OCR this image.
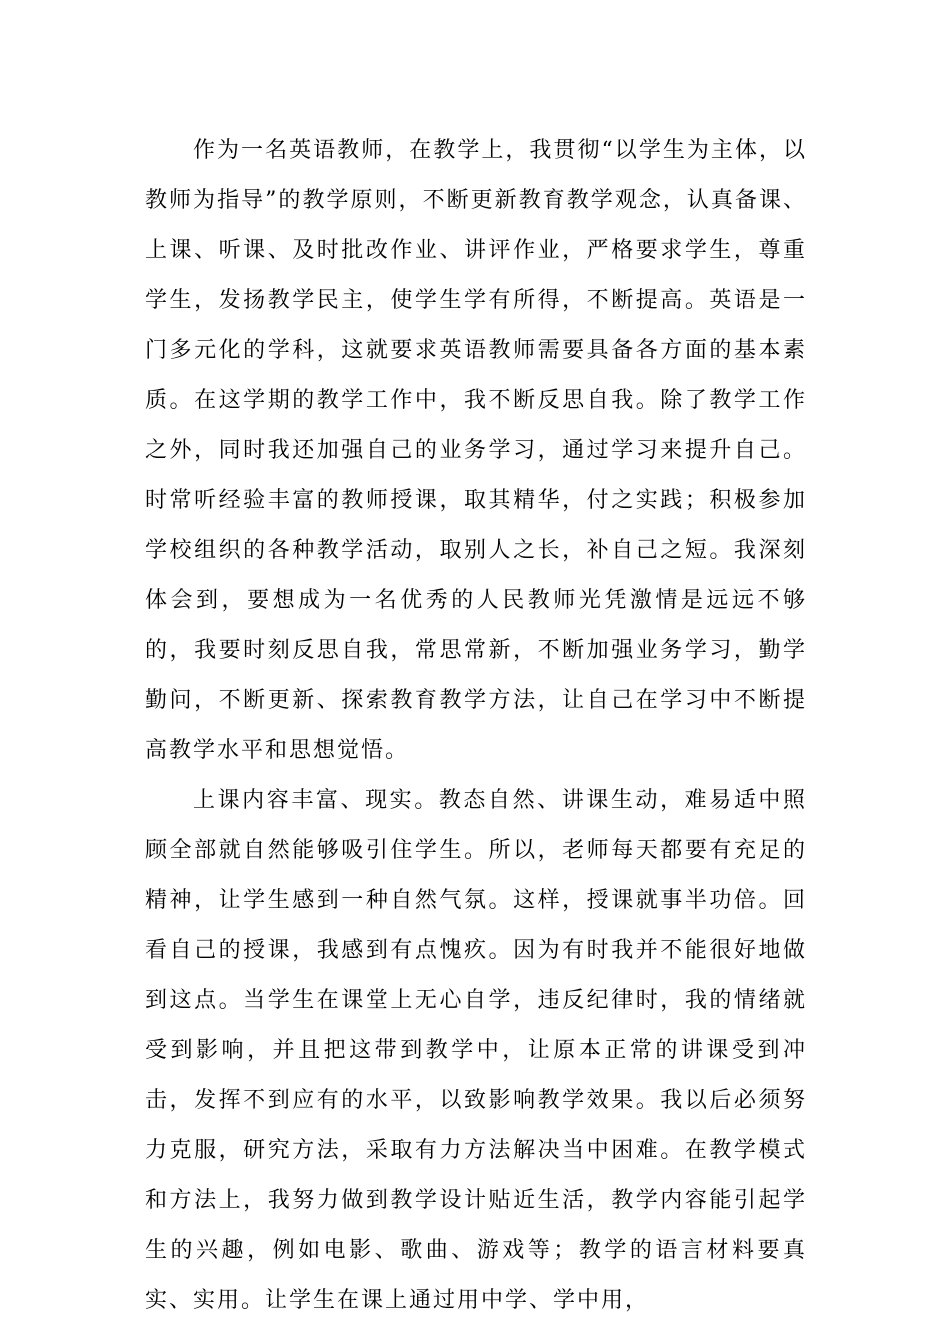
作为一名英语教师，在教学上，我贯彻“以学生为主体，以教师为指导”的教学原则，不断更新教育教学观念，认真备课、上课、听课、及时批改作业、讲评作业，严格要求学生，尊重学生，发扬教学民主，使学生学有所得，不断提高。英语是一门多元化的学科，这就要求英语教师需要具备各方面的基本素质。在这学期的教学工作中，我不断反思自我。除了教学工作之外，同时我还加强自己的业务学习，通过学习来提升自己。时常听经验丰富的教师授课，取其精华，付之实践；积极参加学校组织的各种教学活动，取别人之长，补自己之短。我深刻体会到，要想成为一名优秀的人民教师光凭激情是远远不够的，我要时刻反思自我，常思常新，不断加强业务学习，勤学勤问，不断更新、探索教育教学方法，让自己在学习中不断提高教学水平和思想觉悟。

上课内容丰富、现实。教态自然、讲课生动，难易适中照顾全部就自然能够吸引住学生。所以，老师每天都要有充足的精神，让学生感到一种自然气氛。这样，授课就事半功倍。回看自己的授课，我感到有点愧疚。因为有时我并不能很好地做到这点。当学生在课堂上无心自学，违反纪律时，我的情绪就受到影响，并且把这带到教学中，让原本正常的讲课受到冲击，发挥不到应有的水平，以致影响教学效果。我以后必须努力克服，研究方法，采取有力方法解决当中困难。在教学模式和方法上，我努力做到教学设计贴近生活，教学内容能引起学生的兴趣，例如电影、歌曲、游戏等；教学的语言材料要真实、实用。让学生在课上通过用中学、学中用，
